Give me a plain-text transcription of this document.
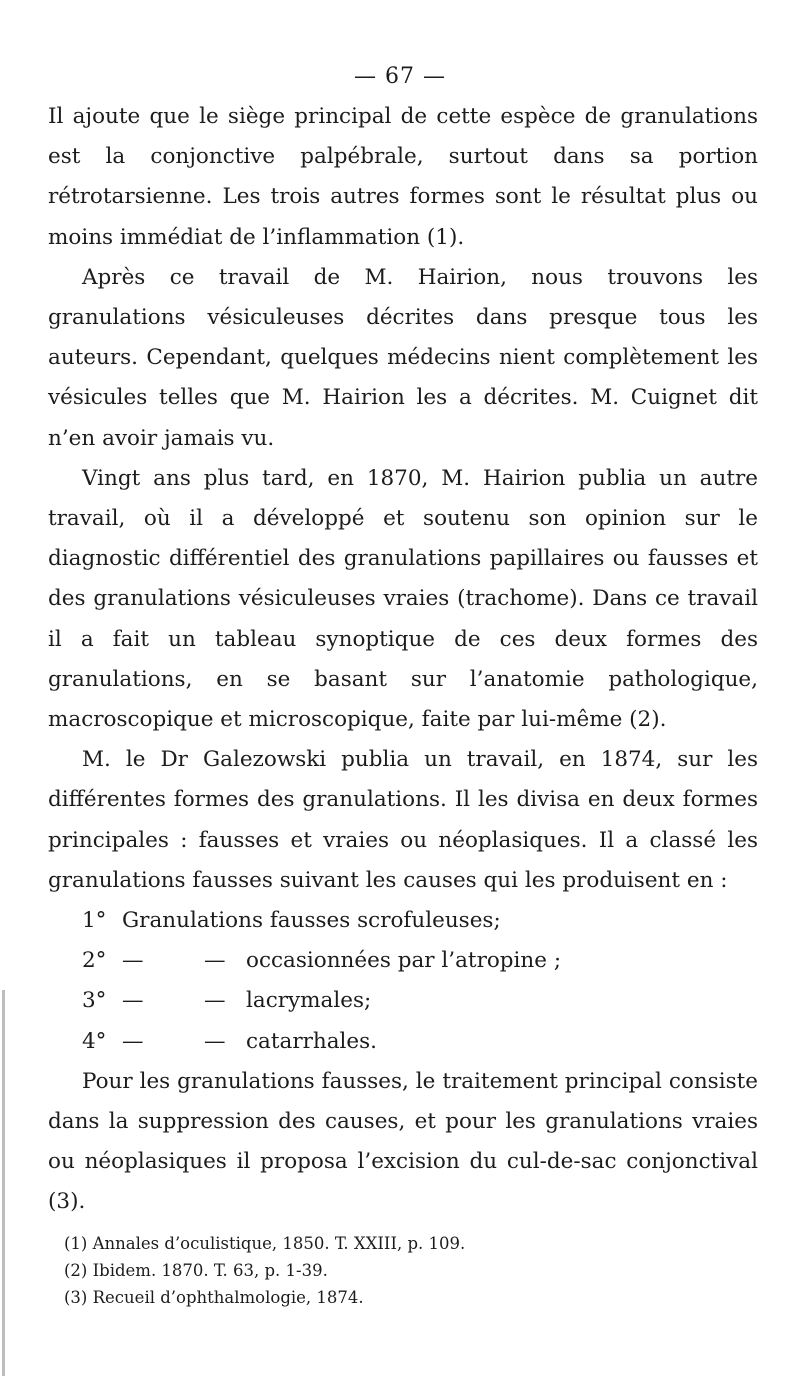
— 67 —

Il ajoute que le siège principal de cette espèce de granulations est la conjonctive palpébrale, surtout dans sa portion rétrotarsienne. Les trois autres formes sont le résultat plus ou moins immédiat de l’inflammation (1).

Après ce travail de M. Hairion, nous trouvons les granulations vésiculeuses décrites dans presque tous les auteurs. Cependant, quelques médecins nient complètement les vésicules telles que M. Hairion les a décrites. M. Cuignet dit n’en avoir jamais vu.

Vingt ans plus tard, en 1870, M. Hairion publia un autre travail, où il a développé et soutenu son opinion sur le diagnostic différentiel des granulations papillaires ou fausses et des granulations vésiculeuses vraies (trachome). Dans ce travail il a fait un tableau synoptique de ces deux formes des granulations, en se basant sur l’anatomie pathologique, macroscopique et microscopique, faite par lui-même (2).

M. le Dr Galezowski publia un travail, en 1874, sur les différentes formes des granulations. Il les divisa en deux formes principales : fausses et vraies ou néoplasiques. Il a classé les granulations fausses suivant les causes qui les produisent en :

1° Granulations fausses scrofuleuses;
2° —	— occasionnées par l’atropine ;
3° —	— lacrymales;
4° —	— catarrhales.

Pour les granulations fausses, le traitement principal consiste dans la suppression des causes, et pour les granulations vraies ou néoplasiques il proposa l’excision du cul-de-sac conjonctival (3).

(1) Annales d’oculistique, 1850. T. XXIII, p. 109.
(2) Ibidem. 1870. T. 63, p. 1-39.
(3) Recueil d’ophthalmologie, 1874.
